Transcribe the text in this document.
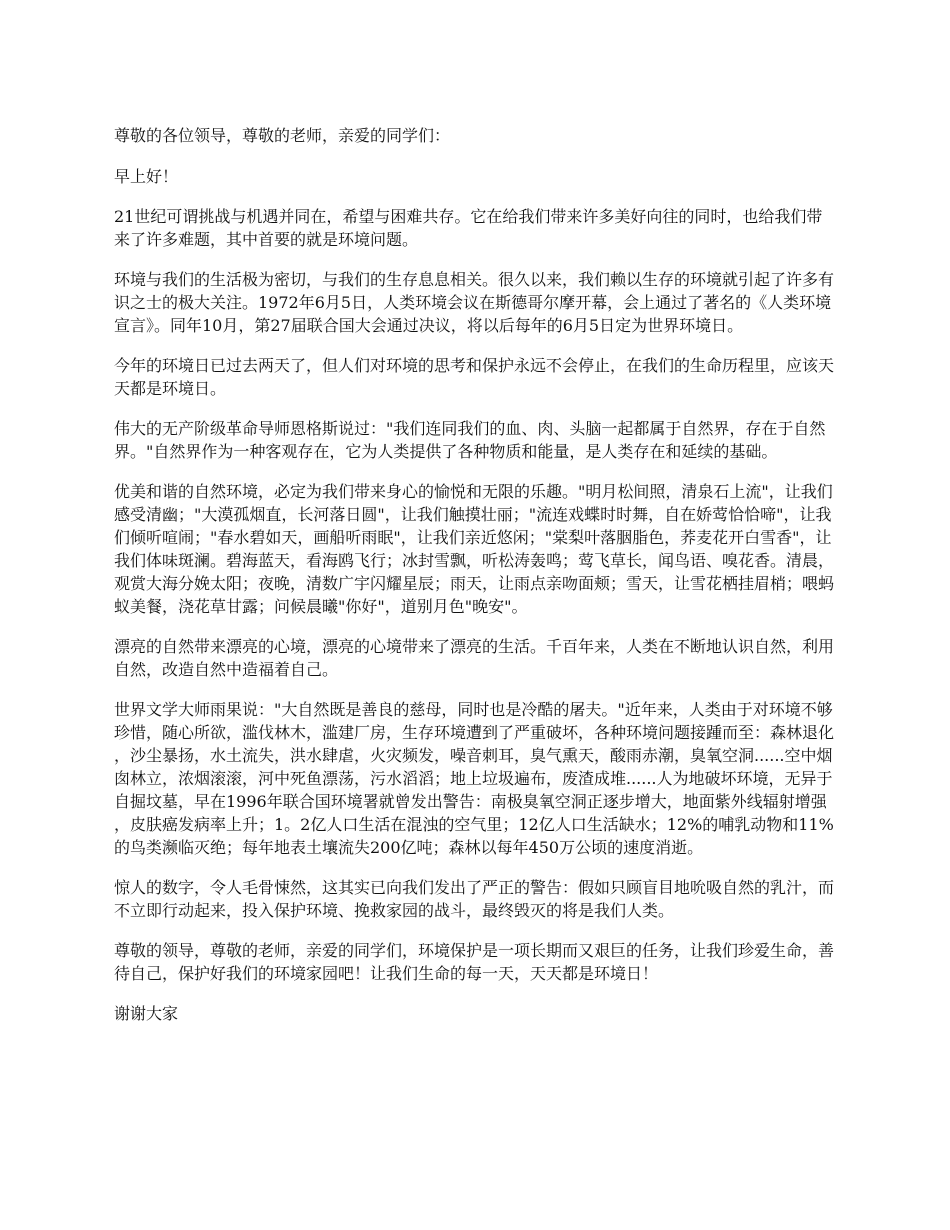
尊敬的各位领导，尊敬的老师，亲爱的同学们：

早上好！

21世纪可谓挑战与机遇并同在，希望与困难共存。它在给我们带来许多美好向往的同时，也给我们带来了许多难题，其中首要的就是环境问题。

环境与我们的生活极为密切，与我们的生存息息相关。很久以来，我们赖以生存的环境就引起了许多有识之士的极大关注。1972年6月5日，人类环境会议在斯德哥尔摩开幕，会上通过了著名的《人类环境宣言》。同年10月，第27届联合国大会通过决议，将以后每年的6月5日定为世界环境日。

今年的环境日已过去两天了，但人们对环境的思考和保护永远不会停止，在我们的生命历程里，应该天天都是环境日。

伟大的无产阶级革命导师恩格斯说过："我们连同我们的血、肉、头脑一起都属于自然界，存在于自然界。"自然界作为一种客观存在，它为人类提供了各种物质和能量，是人类存在和延续的基础。

优美和谐的自然环境，必定为我们带来身心的愉悦和无限的乐趣。"明月松间照，清泉石上流"，让我们感受清幽；"大漠孤烟直，长河落日圆"，让我们触摸壮丽；"流连戏蝶时时舞，自在娇莺恰恰啼"，让我们倾听喧闹；"春水碧如天，画船听雨眠"，让我们亲近悠闲；"棠梨叶落胭脂色，荞麦花开白雪香"，让我们体味斑澜。碧海蓝天，看海鸥飞行；冰封雪飘，听松涛轰鸣；莺飞草长，闻鸟语、嗅花香。清晨，观赏大海分娩太阳；夜晚，清数广宇闪耀星辰；雨天，让雨点亲吻面颊；雪天，让雪花栖挂眉梢；喂蚂蚁美餐，浇花草甘露；问候晨曦"你好"，道别月色"晚安"。

漂亮的自然带来漂亮的心境，漂亮的心境带来了漂亮的生活。千百年来，人类在不断地认识自然，利用自然，改造自然中造福着自己。

世界文学大师雨果说："大自然既是善良的慈母，同时也是冷酷的屠夫。"近年来，人类由于对环境不够珍惜，随心所欲，滥伐林木，滥建厂房，生存环境遭到了严重破坏，各种环境问题接踵而至：森林退化，沙尘暴扬，水土流失，洪水肆虐，火灾频发，噪音刺耳，臭气熏天，酸雨赤潮，臭氧空洞......空中烟囱林立，浓烟滚滚，河中死鱼漂荡，污水滔滔；地上垃圾遍布，废渣成堆......人为地破坏环境，无异于自掘坟墓，早在1996年联合国环境署就曾发出警告：南极臭氧空洞正逐步增大，地面紫外线辐射增强，皮肤癌发病率上升；1。2亿人口生活在混浊的空气里；12亿人口生活缺水；12%的哺乳动物和11%的鸟类濒临灭绝；每年地表土壤流失200亿吨；森林以每年450万公顷的速度消逝。

惊人的数字，令人毛骨悚然，这其实已向我们发出了严正的警告：假如只顾盲目地吮吸自然的乳汁，而不立即行动起来，投入保护环境、挽救家园的战斗，最终毁灭的将是我们人类。

尊敬的领导，尊敬的老师，亲爱的同学们，环境保护是一项长期而又艰巨的任务，让我们珍爱生命，善待自己，保护好我们的环境家园吧！让我们生命的每一天，天天都是环境日！

谢谢大家
